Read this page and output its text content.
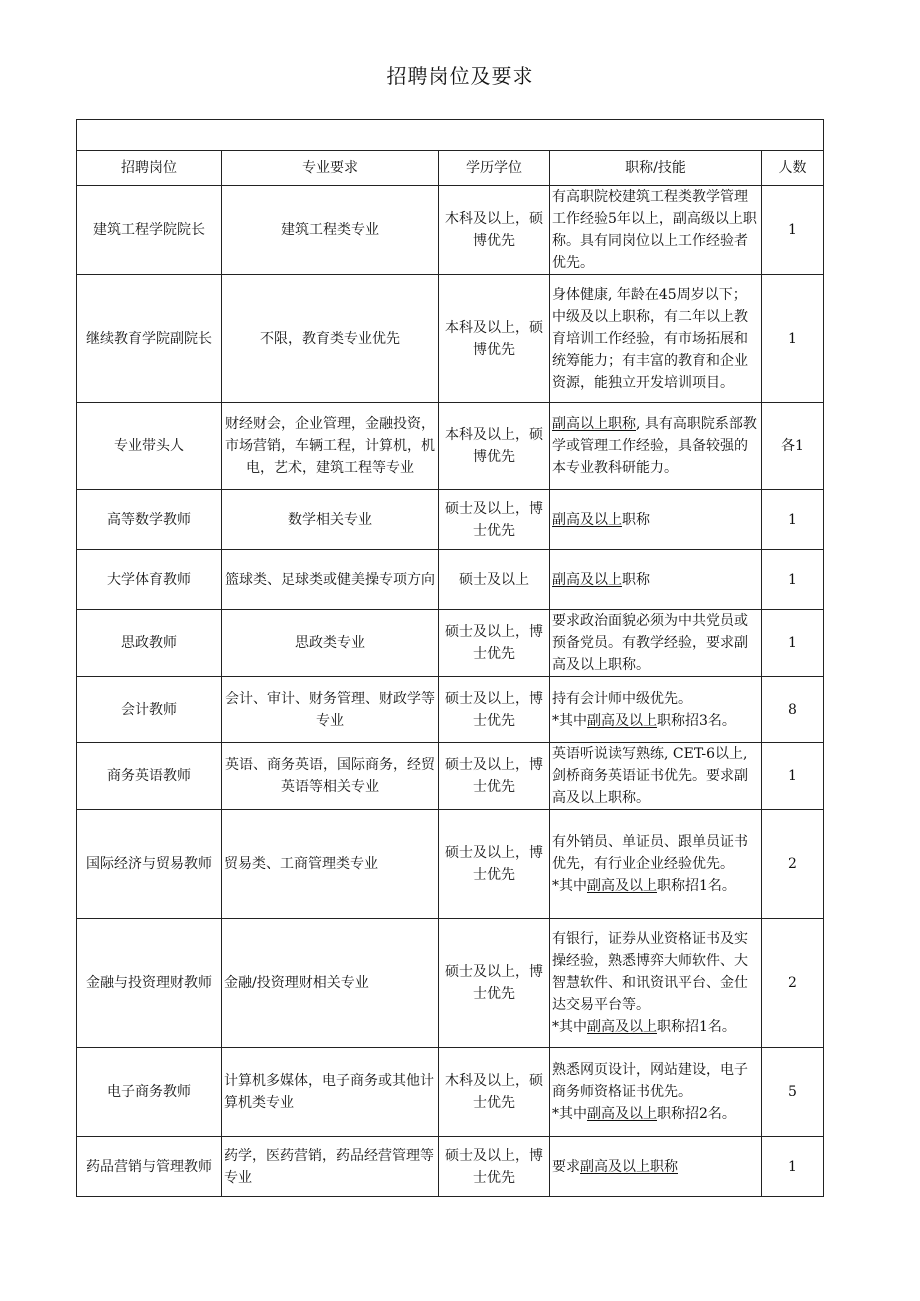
招聘岗位及要求

招聘岗位	专业要求	学历学位	职称/技能	人数
建筑工程学院院长	建筑工程类专业	木科及以上，硕博优先	有高职院校建筑工程类教学管理工作经验5年以上，副高级以上职称。具有同岗位以上工作经验者优先。	1
继续教育学院副院长	不限，教育类专业优先	本科及以上，硕博优先	身体健康, 年龄在45周岁以下；中级及以上职称，有二年以上教育培训工作经验，有市场拓展和统筹能力；有丰富的教育和企业资源，能独立开发培训项目。	1
专业带头人	财经财会，企业管理，金融投资，市场营销，车辆工程，计算机，机电，艺术，建筑工程等专业	本科及以上，硕博优先	副高以上职称, 具有高职院系部教学或管理工作经验，具备较强的本专业教科研能力。	各1
高等数学教师	数学相关专业	硕士及以上，博士优先	副高及以上职称	1
大学体育教师	篮球类、足球类或健美操专项方向	硕士及以上	副高及以上职称	1
思政教师	思政类专业	硕士及以上，博士优先	要求政治面貌必须为中共党员或预备党员。有教学经验，要求副高及以上职称。	1
会计教师	会计、审计、财务管理、财政学等专业	硕士及以上，博士优先	持有会计师中级优先。
*其中副高及以上职称招3名。	8
商务英语教师	英语、商务英语，国际商务，经贸英语等相关专业	硕士及以上，博士优先	英语听说读写熟练, CET-6以上, 剑桥商务英语证书优先。要求副高及以上职称。	1
国际经济与贸易教师	贸易类、工商管理类专业	硕士及以上，博士优先	有外销员、单证员、跟单员证书优先，有行业企业经验优先。
*其中副高及以上职称招1名。	2
金融与投资理财教师	金融/投资理财相关专业	硕士及以上，博士优先	有银行，证券从业资格证书及实操经验，熟悉博弈大师软件、大智慧软件、和讯资讯平台、金仕达交易平台等。
*其中副高及以上职称招1名。	2
电子商务教师	计算机多媒体，电子商务或其他计算机类专业	木科及以上，硕士优先	熟悉网页设计，网站建设，电子商务师资格证书优先。
*其中副高及以上职称招2名。	5
药品营销与管理教师	药学，医药营销，药品经营管理等专业	硕士及以上，博士优先	要求副高及以上职称	1
